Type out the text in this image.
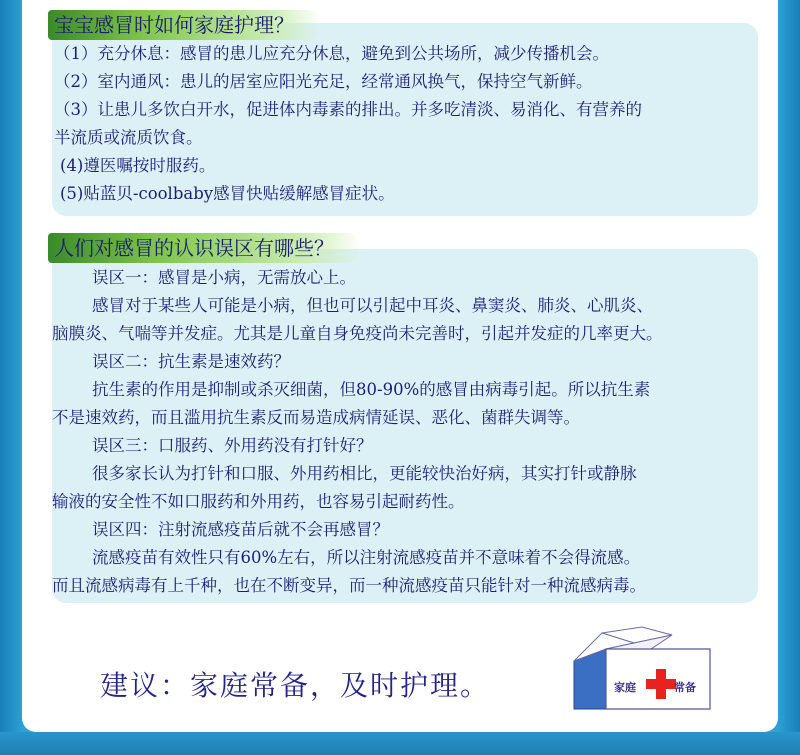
宝宝感冒时如何家庭护理？
（1）充分休息：感冒的患儿应充分休息，避免到公共场所，减少传播机会。
（2）室内通风：患儿的居室应阳光充足，经常通风换气，保持空气新鲜。
（3）让患儿多饮白开水，促进体内毒素的排出。并多吃清淡、易消化、有营养的
半流质或流质饮食。
(4)遵医嘱按时服药。
(5)贴蓝贝-coolbaby感冒快贴缓解感冒症状。
人们对感冒的认识误区有哪些？
误区一：感冒是小病，无需放心上。
感冒对于某些人可能是小病，但也可以引起中耳炎、鼻窦炎、肺炎、心肌炎、
脑膜炎、气喘等并发症。尤其是儿童自身免疫尚未完善时，引起并发症的几率更大。
误区二：抗生素是速效药？
抗生素的作用是抑制或杀灭细菌，但80-90%的感冒由病毒引起。所以抗生素
不是速效药，而且滥用抗生素反而易造成病情延误、恶化、菌群失调等。
误区三：口服药、外用药没有打针好？
很多家长认为打针和口服、外用药相比，更能较快治好病，其实打针或静脉
输液的安全性不如口服药和外用药，也容易引起耐药性。
误区四：注射流感疫苗后就不会再感冒？
流感疫苗有效性只有60%左右，所以注射流感疫苗并不意味着不会得流感。
而且流感病毒有上千种，也在不断变异，而一种流感疫苗只能针对一种流感病毒。
建议：家庭常备，及时护理。	家庭	常备
